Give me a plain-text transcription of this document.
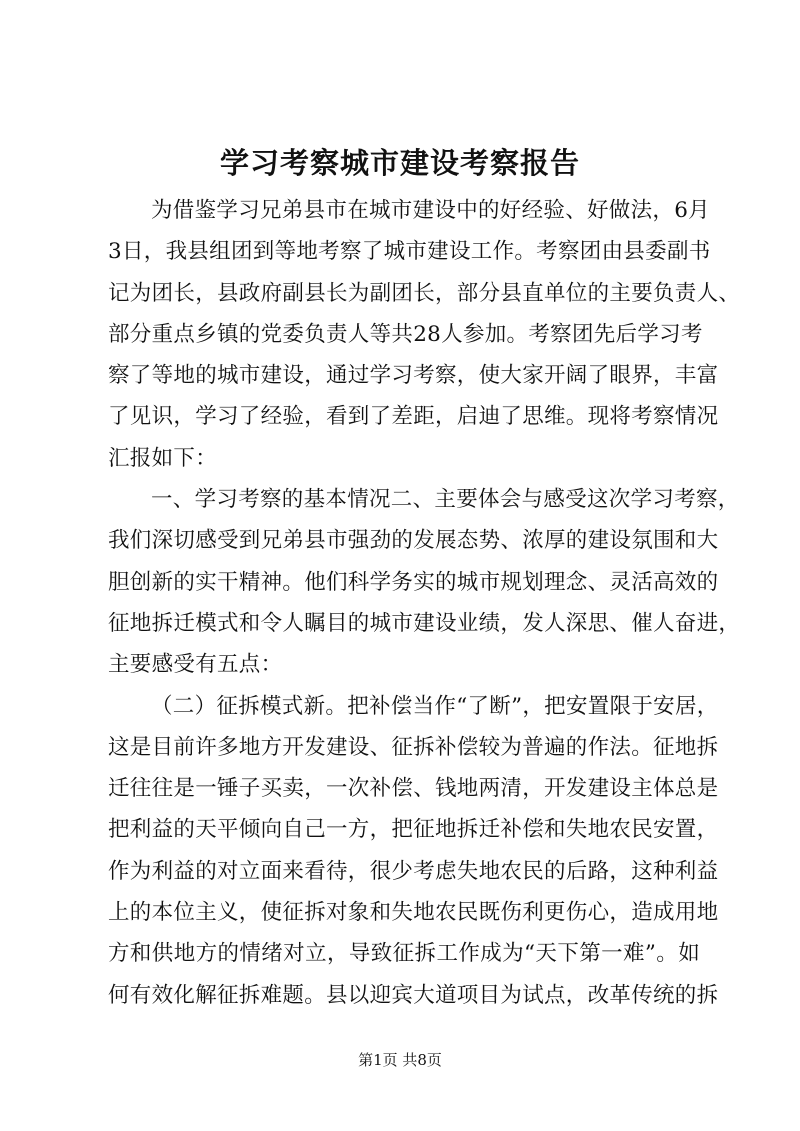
学习考察城市建设考察报告
为借鉴学习兄弟县市在城市建设中的好经验、好做法，6月
3日，我县组团到等地考察了城市建设工作。考察团由县委副书
记为团长，县政府副县长为副团长，部分县直单位的主要负责人、
部分重点乡镇的党委负责人等共28人参加。考察团先后学习考
察了等地的城市建设，通过学习考察，使大家开阔了眼界，丰富
了见识，学习了经验，看到了差距，启迪了思维。现将考察情况
汇报如下：
一、学习考察的基本情况二、主要体会与感受这次学习考察，
我们深切感受到兄弟县市强劲的发展态势、浓厚的建设氛围和大
胆创新的实干精神。他们科学务实的城市规划理念、灵活高效的
征地拆迁模式和令人瞩目的城市建设业绩，发人深思、催人奋进，
主要感受有五点：
（二）征拆模式新。把补偿当作“了断”，把安置限于安居，
这是目前许多地方开发建设、征拆补偿较为普遍的作法。征地拆
迁往往是一锤子买卖，一次补偿、钱地两清，开发建设主体总是
把利益的天平倾向自己一方，把征地拆迁补偿和失地农民安置，
作为利益的对立面来看待，很少考虑失地农民的后路，这种利益
上的本位主义，使征拆对象和失地农民既伤利更伤心，造成用地
方和供地方的情绪对立，导致征拆工作成为“天下第一难”。如
何有效化解征拆难题。县以迎宾大道项目为试点，改革传统的拆
第1页 共8页
